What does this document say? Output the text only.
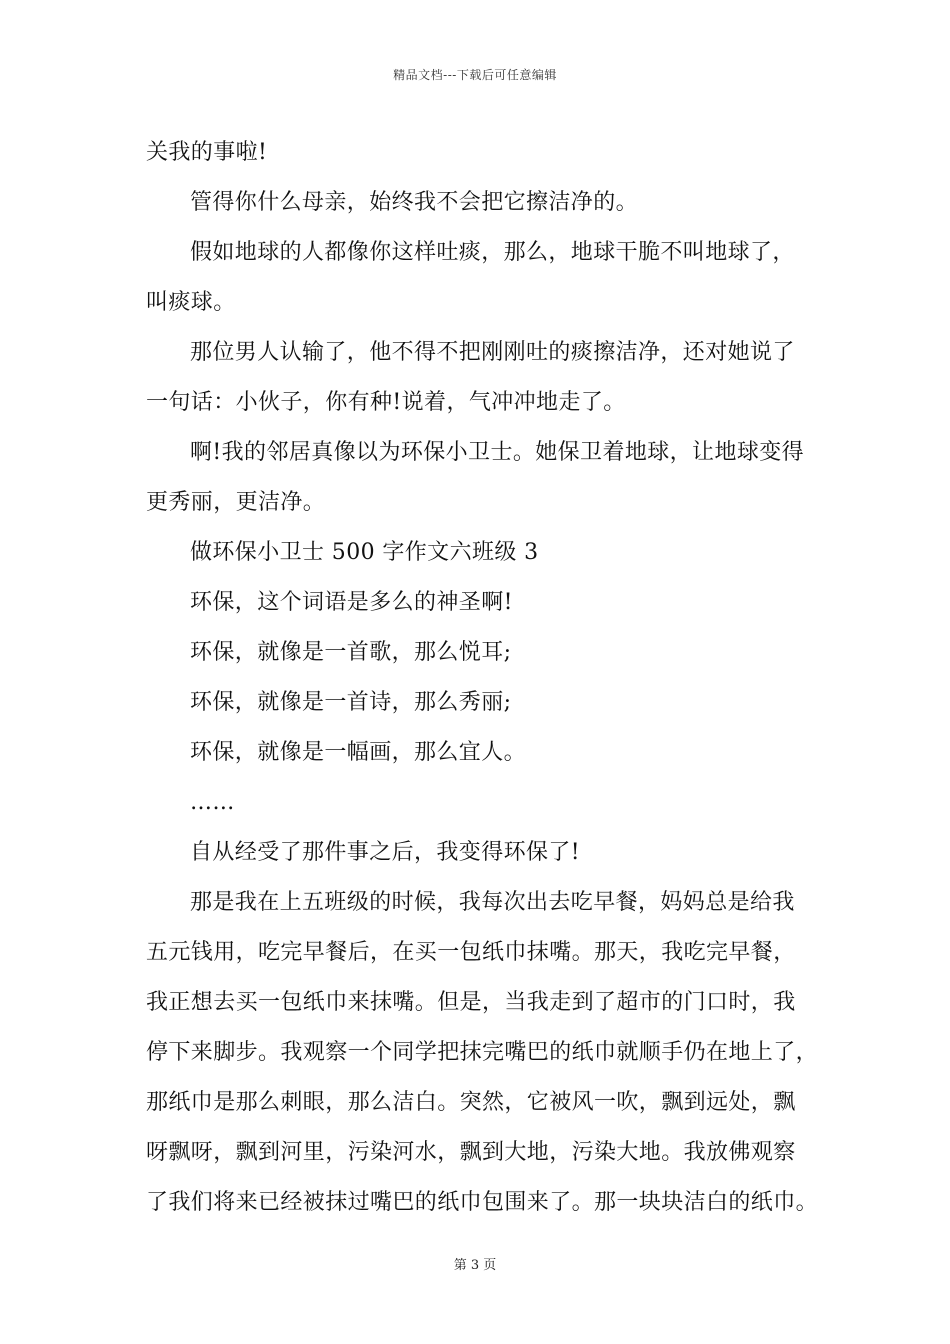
精品文档---下载后可任意编辑
关我的事啦!
管得你什么母亲，始终我不会把它擦洁净的。
假如地球的人都像你这样吐痰，那么，地球干脆不叫地球了，
叫痰球。
那位男人认输了，他不得不把刚刚吐的痰擦洁净，还对她说了
一句话：小伙子，你有种!说着，气冲冲地走了。
啊!我的邻居真像以为环保小卫士。她保卫着地球，让地球变得
更秀丽，更洁净。
做环保小卫士 500 字作文六班级 3
环保，这个词语是多么的神圣啊!
环保，就像是一首歌，那么悦耳;
环保，就像是一首诗，那么秀丽;
环保，就像是一幅画，那么宜人。
……
自从经受了那件事之后，我变得环保了!
那是我在上五班级的时候，我每次出去吃早餐，妈妈总是给我
五元钱用，吃完早餐后，在买一包纸巾抹嘴。那天，我吃完早餐，
我正想去买一包纸巾来抹嘴。但是，当我走到了超市的门口时，我
停下来脚步。我观察一个同学把抹完嘴巴的纸巾就顺手仍在地上了，
那纸巾是那么刺眼，那么洁白。突然，它被风一吹，飘到远处，飘
呀飘呀，飘到河里，污染河水，飘到大地，污染大地。我放佛观察
了我们将来已经被抹过嘴巴的纸巾包围来了。那一块块洁白的纸巾。
第 3 页
